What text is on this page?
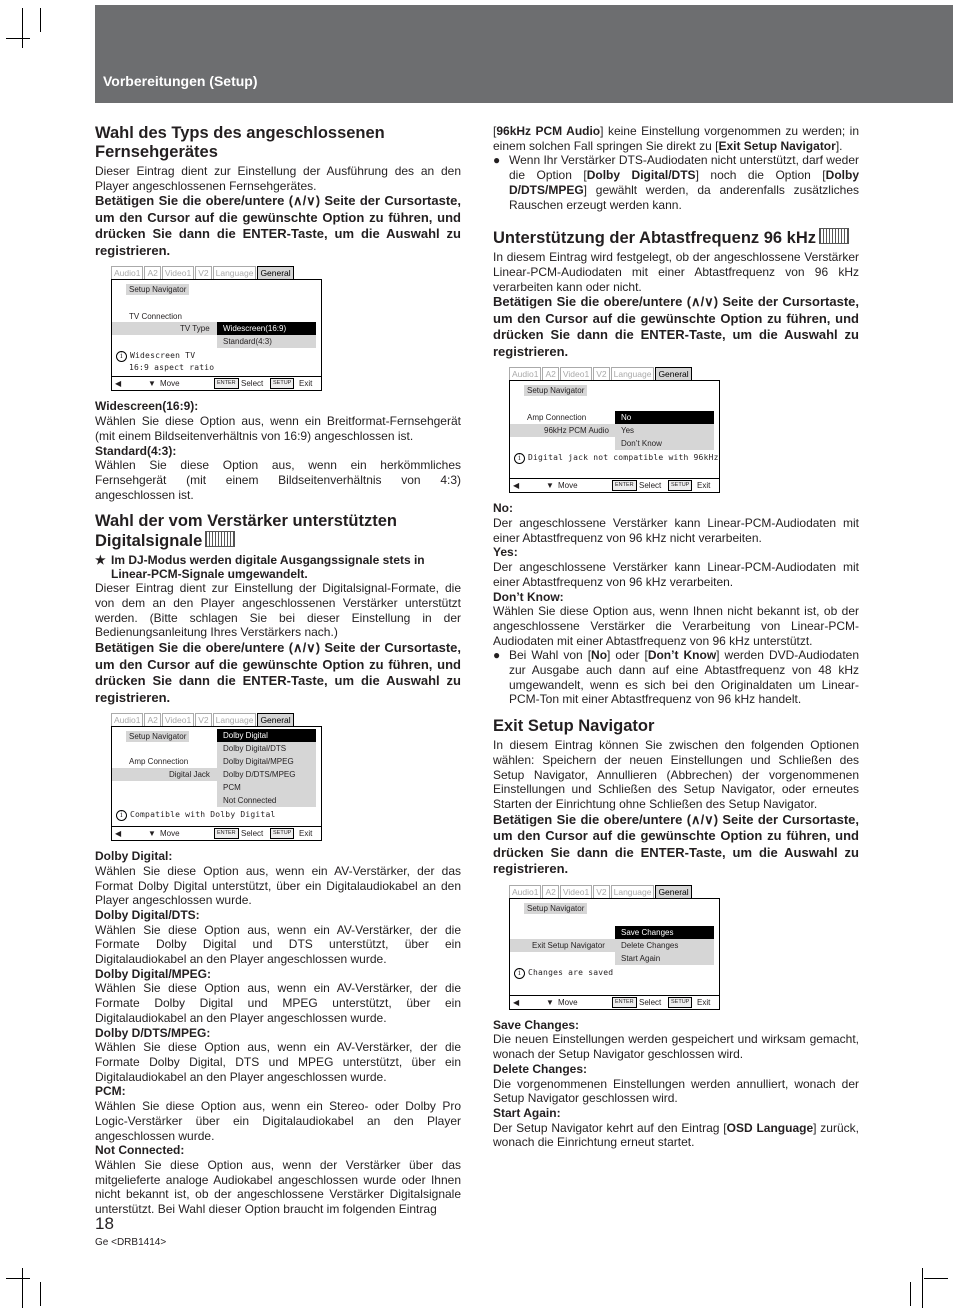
Vorbereitungen (Setup)
Wahl des Typs des angeschlossenen Fernsehgerätes

Dieser Eintrag dient zur Einstellung der Ausführung des an den Player angeschlossenen Fernsehgerätes.

Betätigen Sie die obere/untere (∧/∨) Seite der Cursortaste, um den Cursor auf die gewünschte Option zu führen, und drücken Sie dann die ENTER-Taste, um die Auswahl zu registrieren.

Audio1 A2 Video1 V2 Language General
Setup Navigator
TV Connection
TV Type	Widescreen(16:9)
Standard(4:3)
i Widescreen TV
16:9 aspect ratio
◀	▼ Move	ENTER Select	SETUP Exit
Widescreen(16:9):

Wählen Sie diese Option aus, wenn ein Breitformat-Fernsehgerät (mit einem Bildseitenverhältnis von 16:9) angeschlossen ist.

Standard(4:3):

Wählen Sie diese Option aus, wenn ein herkömmliches Fernsehgerät (mit einem Bildseitenverhältnis von 4:3) angeschlossen ist.

Wahl der vom Verstärker unterstützten Digitalsignale
★ Im DJ-Modus werden digitale Ausgangssignale stets in Linear-PCM-Signale umgewandelt.

Dieser Eintrag dient zur Einstellung der Digitalsignal-Formate, die von dem an den Player angeschlossenen Verstärker unterstützt werden. (Bitte schlagen Sie bei dieser Einstellung in der Bedienungsanleitung Ihres Verstärkers nach.)

Betätigen Sie die obere/untere (∧/∨) Seite der Cursortaste, um den Cursor auf die gewünschte Option zu führen, und drücken Sie dann die ENTER-Taste, um die Auswahl zu registrieren.

Audio1 A2 Video1 V2 Language General
Setup Navigator
Amp Connection
Digital Jack
Dolby Digital
Dolby Digital/DTS
Dolby Digital/MPEG
Dolby D/DTS/MPEG
PCM
Not Connected
i Compatible with Dolby Digital
◀	▼ Move	ENTER Select	SETUP Exit
Dolby Digital:

Wählen Sie diese Option aus, wenn ein AV-Verstärker, der das Format Dolby Digital unterstützt, über ein Digitalaudiokabel an den Player angeschlossen wurde.

Dolby Digital/DTS:

Wählen Sie diese Option aus, wenn ein AV-Verstärker, der die Formate Dolby Digital und DTS unterstützt, über ein Digitalaudiokabel an den Player angeschlossen wurde.

Dolby Digital/MPEG:

Wählen Sie diese Option aus, wenn ein AV-Verstärker, der die Formate Dolby Digital und MPEG unterstützt, über ein Digitalaudiokabel an den Player angeschlossen wurde.

Dolby D/DTS/MPEG:

Wählen Sie diese Option aus, wenn ein AV-Verstärker, der die Formate Dolby Digital, DTS und MPEG unterstützt, über ein Digitalaudiokabel an den Player angeschlossen wurde.

PCM:

Wählen Sie diese Option aus, wenn ein Stereo- oder Dolby Pro Logic-Verstärker über ein Digitalaudiokabel an den Player angeschlossen wurde.

Not Connected:

Wählen Sie diese Option aus, wenn der Verstärker über das mitgelieferte analoge Audiokabel angeschlossen wurde oder Ihnen nicht bekannt ist, ob der angeschlossene Verstärker Digitalsignale unterstützt. Bei Wahl dieser Option braucht im folgenden Eintrag

[96kHz PCM Audio] keine Einstellung vorgenommen zu werden; in einem solchen Fall springen Sie direkt zu [Exit Setup Navigator].

● Wenn Ihr Verstärker DTS-Audiodaten nicht unterstützt, darf weder die Option [Dolby Digital/DTS] noch die Option [Dolby D/DTS/MPEG] gewählt werden, da anderenfalls zusätzliches Rauschen erzeugt werden kann.
Unterstützung der Abtastfrequenz 96 kHz

In diesem Eintrag wird festgelegt, ob der angeschlossene Verstärker Linear-PCM-Audiodaten mit einer Abtastfrequenz von 96 kHz verarbeiten kann oder nicht.

Betätigen Sie die obere/untere (∧/∨) Seite der Cursortaste, um den Cursor auf die gewünschte Option zu führen, und drücken Sie dann die ENTER-Taste, um die Auswahl zu registrieren.

Audio1 A2 Video1 V2 Language General
Setup Navigator
Amp Connection
96kHz PCM Audio
No
Yes
Don’t Know
i Digital jack not compatible with 96kHz
◀	▼ Move	ENTER Select	SETUP Exit
No:

Der angeschlossene Verstärker kann Linear-PCM-Audiodaten mit einer Abtastfrequenz von 96 kHz nicht verarbeiten.

Yes:

Der angeschlossene Verstärker kann Linear-PCM-Audiodaten mit einer Abtastfrequenz von 96 kHz verarbeiten.

Don’t Know:

Wählen Sie diese Option aus, wenn Ihnen nicht bekannt ist, ob der angeschlossene Verstärker die Verarbeitung von Linear-PCM-Audiodaten mit einer Abtastfrequenz von 96 kHz unterstützt.

● Bei Wahl von [No] oder [Don’t Know] werden DVD-Audiodaten zur Ausgabe auch dann auf eine Abtastfrequenz von 48 kHz umgewandelt, wenn es sich bei den Originaldaten um Linear-PCM-Ton mit einer Abtastfrequenz von 96 kHz handelt.
Exit Setup Navigator

In diesem Eintrag können Sie zwischen den folgenden Optionen wählen: Speichern der neuen Einstellungen und Schließen des Setup Navigator, Annullieren (Abbrechen) der vorgenommenen Einstellungen und Schließen des Setup Navigator, oder erneutes Starten der Einrichtung ohne Schließen des Setup Navigator.

Betätigen Sie die obere/untere (∧/∨) Seite der Cursortaste, um den Cursor auf die gewünschte Option zu führen, und drücken Sie dann die ENTER-Taste, um die Auswahl zu registrieren.

Audio1 A2 Video1 V2 Language General
Setup Navigator
Exit Setup Navigator
Save Changes
Delete Changes
Start Again
i Changes are saved
◀	▼ Move	ENTER Select	SETUP Exit
Save Changes:

Die neuen Einstellungen werden gespeichert und wirksam gemacht, wonach der Setup Navigator geschlossen wird.

Delete Changes:

Die vorgenommenen Einstellungen werden annulliert, wonach der Setup Navigator geschlossen wird.

Start Again:

Der Setup Navigator kehrt auf den Eintrag [OSD Language] zurück, wonach die Einrichtung erneut startet.

18
Ge <DRB1414>
